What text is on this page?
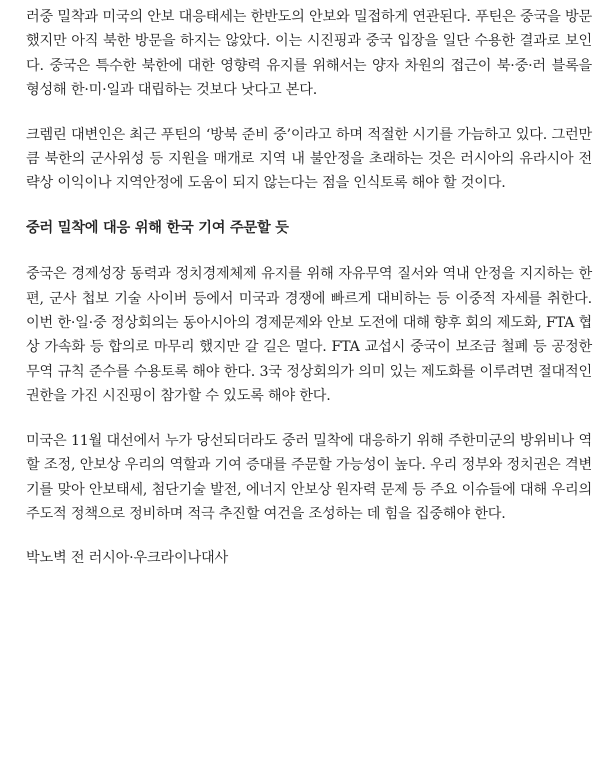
러중 밀착과 미국의 안보 대응태세는 한반도의 안보와 밀접하게 연관된다. 푸틴은 중국을 방문했지만 아직 북한 방문을 하지는 않았다. 이는 시진핑과 중국 입장을 일단 수용한 결과로 보인다. 중국은 특수한 북한에 대한 영향력 유지를 위해서는 양자 차원의 접근이 북·중·러 블록을 형성해 한·미·일과 대립하는 것보다 낫다고 본다.

크렘린 대변인은 최근 푸틴의 ‘방북 준비 중’이라고 하며 적절한 시기를 가늠하고 있다. 그런만큼 북한의 군사위성 등 지원을 매개로 지역 내 불안정을 초래하는 것은 러시아의 유라시아 전략상 이익이나 지역안정에 도움이 되지 않는다는 점을 인식토록 해야 할 것이다.

중러 밀착에 대응 위해 한국 기여 주문할 듯

중국은 경제성장 동력과 정치경제체제 유지를 위해 자유무역 질서와 역내 안정을 지지하는 한편, 군사 첩보 기술 사이버 등에서 미국과 경쟁에 빠르게 대비하는 등 이중적 자세를 취한다. 이번 한·일·중 정상회의는 동아시아의 경제문제와 안보 도전에 대해 향후 회의 제도화, FTA 협상 가속화 등 합의로 마무리 했지만 갈 길은 멀다. FTA 교섭시 중국이 보조금 철폐 등 공정한 무역 규칙 준수를 수용토록 해야 한다. 3국 정상회의가 의미 있는 제도화를 이루려면 절대적인 권한을 가진 시진핑이 참가할 수 있도록 해야 한다.

미국은 11월 대선에서 누가 당선되더라도 중러 밀착에 대응하기 위해 주한미군의 방위비나 역할 조정, 안보상 우리의 역할과 기여 증대를 주문할 가능성이 높다. 우리 정부와 정치권은 격변기를 맞아 안보태세, 첨단기술 발전, 에너지 안보상 원자력 문제 등 주요 이슈들에 대해 우리의 주도적 정책으로 정비하며 적극 추진할 여건을 조성하는 데 힘을 집중해야 한다.

박노벽 전 러시아·우크라이나대사
